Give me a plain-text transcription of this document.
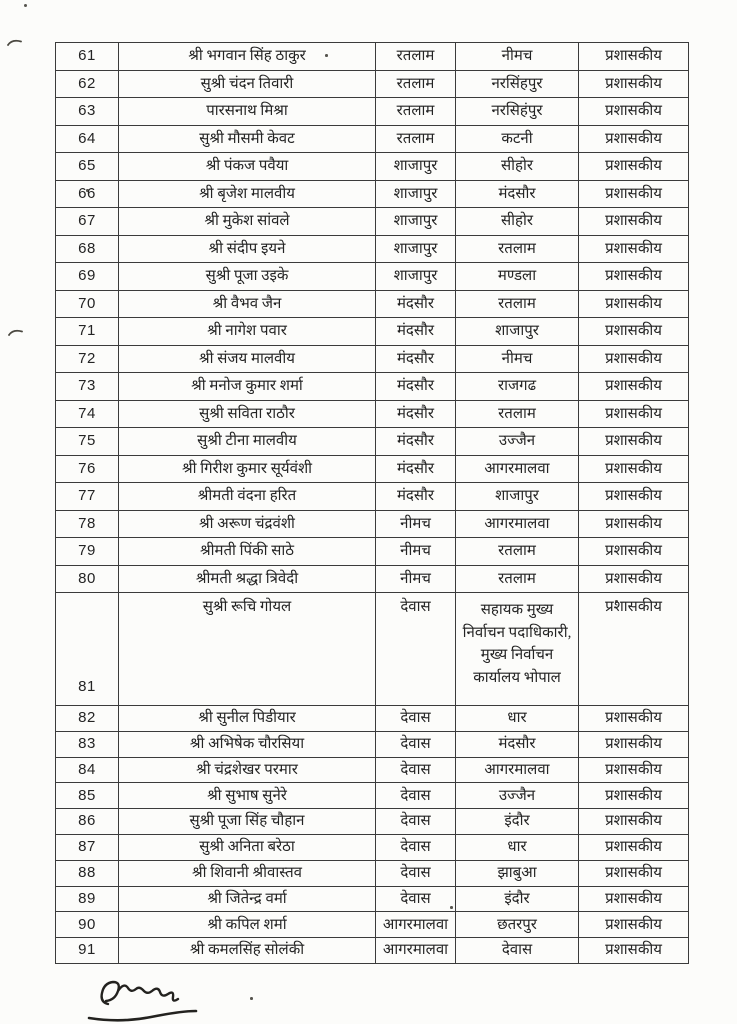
61	श्री भगवान सिंह ठाकुर	रतलाम	नीमच	प्रशासकीय
62	सुश्री चंदन तिवारी	रतलाम	नरसिंहपुर	प्रशासकीय
63	पारसनाथ मिश्रा	रतलाम	नरसिहंपुर	प्रशासकीय
64	सुश्री मौसमी केवट	रतलाम	कटनी	प्रशासकीय
65	श्री पंकज पवैया	शाजापुर	सीहोर	प्रशासकीय
66	श्री बृजेश मालवीय	शाजापुर	मंदसौर	प्रशासकीय
67	श्री मुकेश सांवले	शाजापुर	सीहोर	प्रशासकीय
68	श्री संदीप इयने	शाजापुर	रतलाम	प्रशासकीय
69	सुश्री पूजा उइके	शाजापुर	मण्डला	प्रशासकीय
70	श्री वैभव जैन	मंदसौर	रतलाम	प्रशासकीय
71	श्री नागेश पवार	मंदसौर	शाजापुर	प्रशासकीय
72	श्री संजय मालवीय	मंदसौर	नीमच	प्रशासकीय
73	श्री मनोज कुमार शर्मा	मंदसौर	राजगढ	प्रशासकीय
74	सुश्री सविता राठौर	मंदसौर	रतलाम	प्रशासकीय
75	सुश्री टीना मालवीय	मंदसौर	उज्जैन	प्रशासकीय
76	श्री गिरीश कुमार सूर्यवंशी	मंदसौर	आगरमालवा	प्रशासकीय
77	श्रीमती वंदना हरित	मंदसौर	शाजापुर	प्रशासकीय
78	श्री अरूण चंद्रवंशी	नीमच	आगरमालवा	प्रशासकीय
79	श्रीमती पिंकी साठे	नीमच	रतलाम	प्रशासकीय
80	श्रीमती श्रद्धा त्रिवेदी	नीमच	रतलाम	प्रशासकीय
81	सुश्री रूचि गोयल	देवास	सहायक मुख्य निर्वाचन पदाधिकारी, मुख्य निर्वाचन कार्यालय भोपाल	प्रशासकीय
82	श्री सुनील पिडीयार	देवास	धार	प्रशासकीय
83	श्री अभिषेक चौरसिया	देवास	मंदसौर	प्रशासकीय
84	श्री चंद्रशेखर परमार	देवास	आगरमालवा	प्रशासकीय
85	श्री सुभाष सुनेरे	देवास	उज्जैन	प्रशासकीय
86	सुश्री पूजा सिंह चौहान	देवास	इंदौर	प्रशासकीय
87	सुश्री अनिता बरेठा	देवास	धार	प्रशासकीय
88	श्री शिवानी श्रीवास्तव	देवास	झाबुआ	प्रशासकीय
89	श्री जितेन्द्र वर्मा	देवास	इंदौर	प्रशासकीय
90	श्री कपिल शर्मा	आगरमालवा	छतरपुर	प्रशासकीय
91	श्री कमलसिंह सोलंकी	आगरमालवा	देवास	प्रशासकीय
